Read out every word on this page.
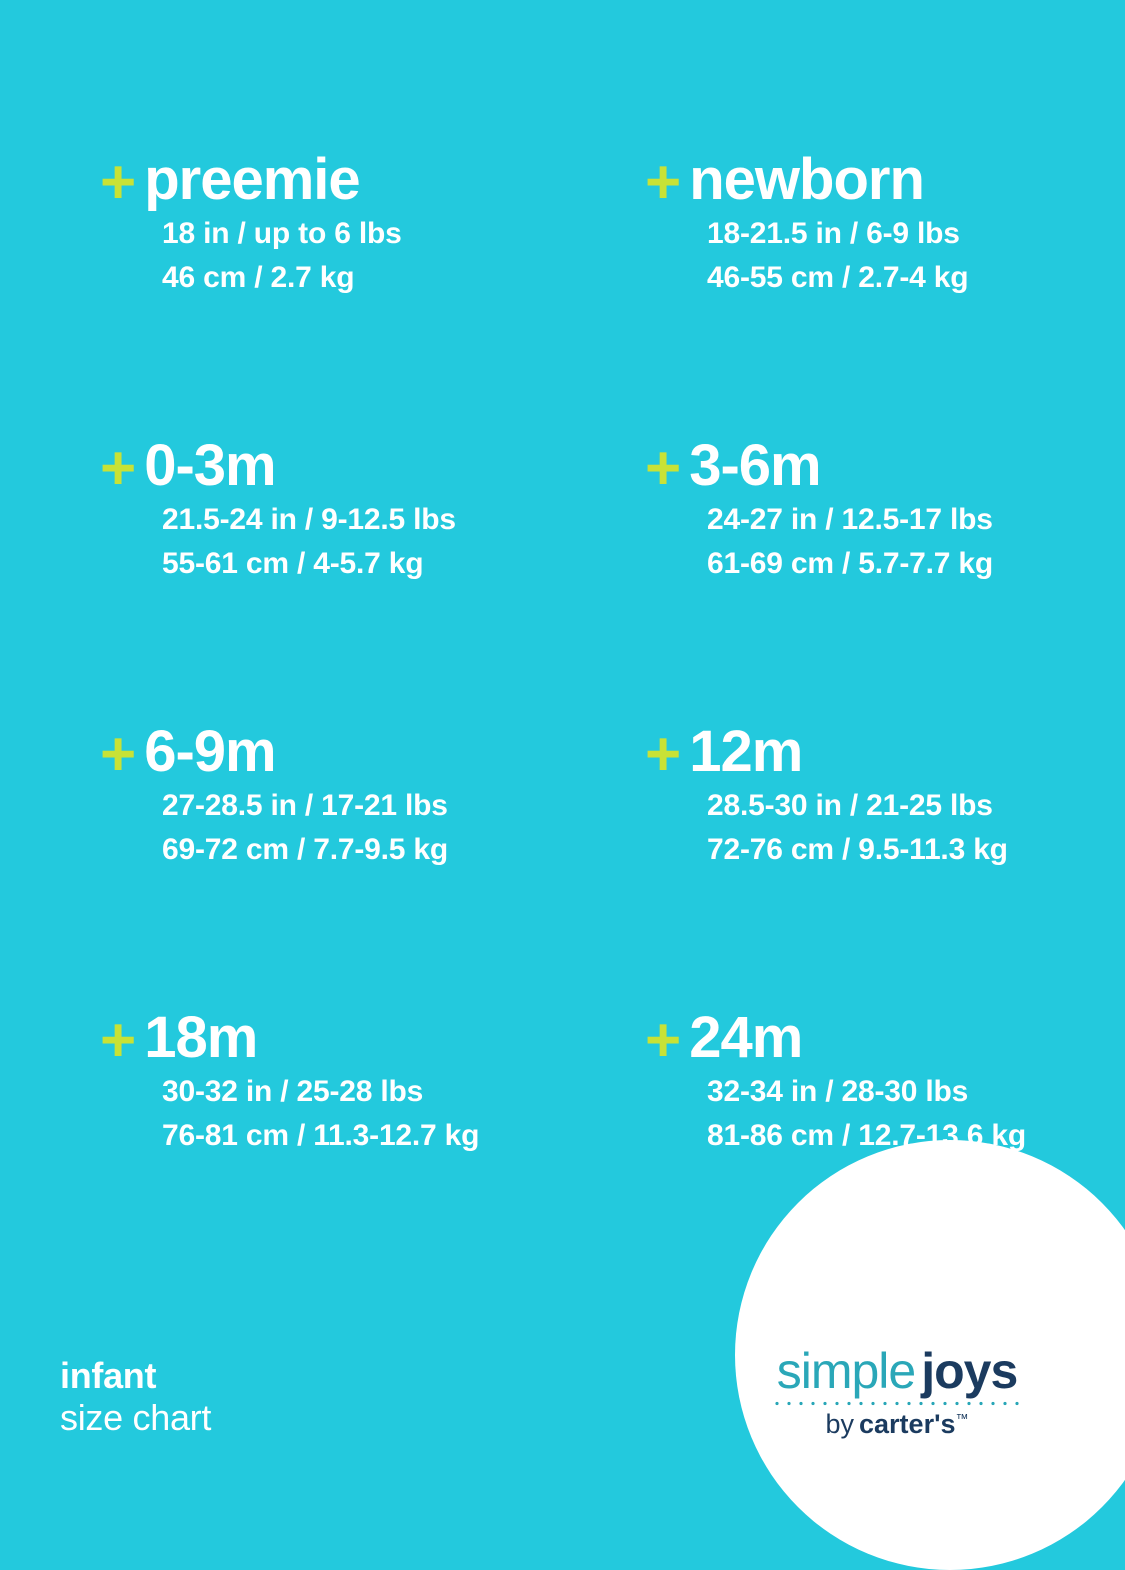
+ preemie
18 in / up to 6 lbs
46 cm / 2.7 kg
+ newborn
18-21.5 in / 6-9 lbs
46-55 cm / 2.7-4 kg
+ 0-3m
21.5-24 in / 9-12.5 lbs
55-61 cm / 4-5.7 kg
+ 3-6m
24-27 in / 12.5-17 lbs
61-69 cm / 5.7-7.7 kg
+ 6-9m
27-28.5 in / 17-21 lbs
69-72 cm / 7.7-9.5 kg
+ 12m
28.5-30 in / 21-25 lbs
72-76 cm / 9.5-11.3 kg
+ 18m
30-32 in / 25-28 lbs
76-81 cm / 11.3-12.7 kg
+ 24m
32-34 in / 28-30 lbs
81-86 cm / 12.7-13.6 kg
infant
size chart
simple joys
by carter's™
